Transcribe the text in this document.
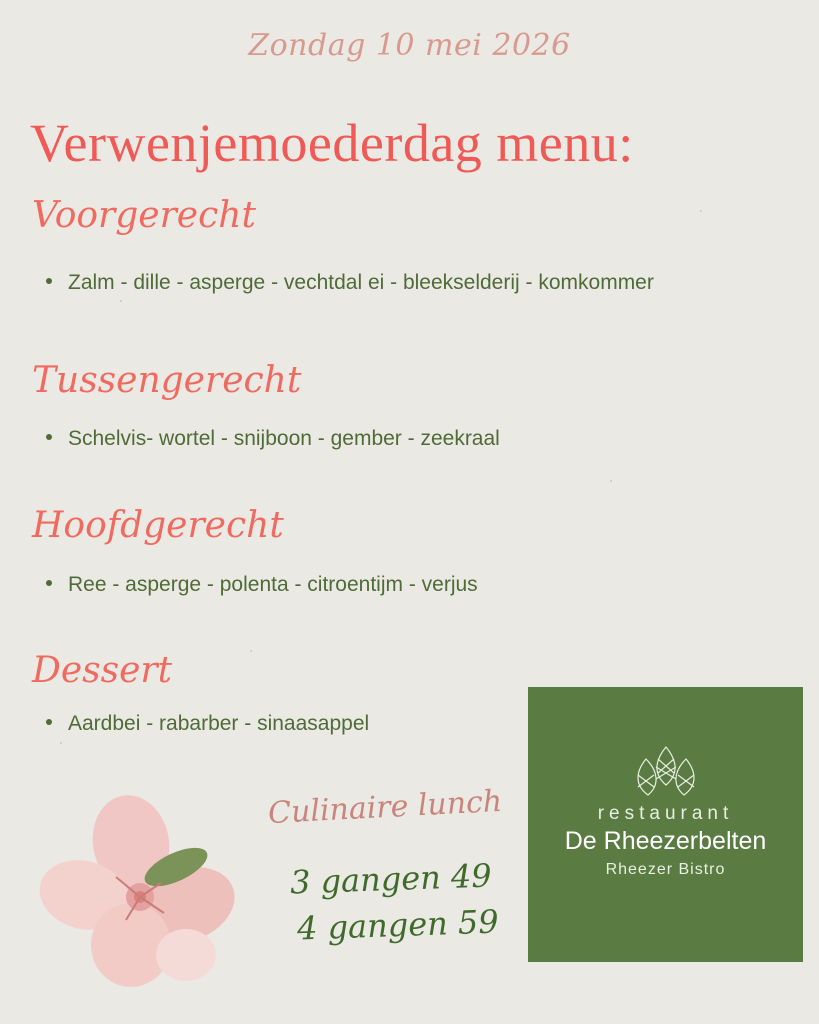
Zondag 10 mei 2026
Verwenjemoederdag menu:
Voorgerecht
Zalm - dille - asperge - vechtdal ei - bleekselderij - komkommer
Tussengerecht
Schelvis- wortel - snijboon - gember - zeekraal
Hoofdgerecht
Ree - asperge - polenta - citroentijm - verjus
Dessert
Aardbei - rabarber - sinaasappel
Culinaire lunch
3 gangen 49
4 gangen 59
restaurant
De Rheezerbelten
Rheezer Bistro
